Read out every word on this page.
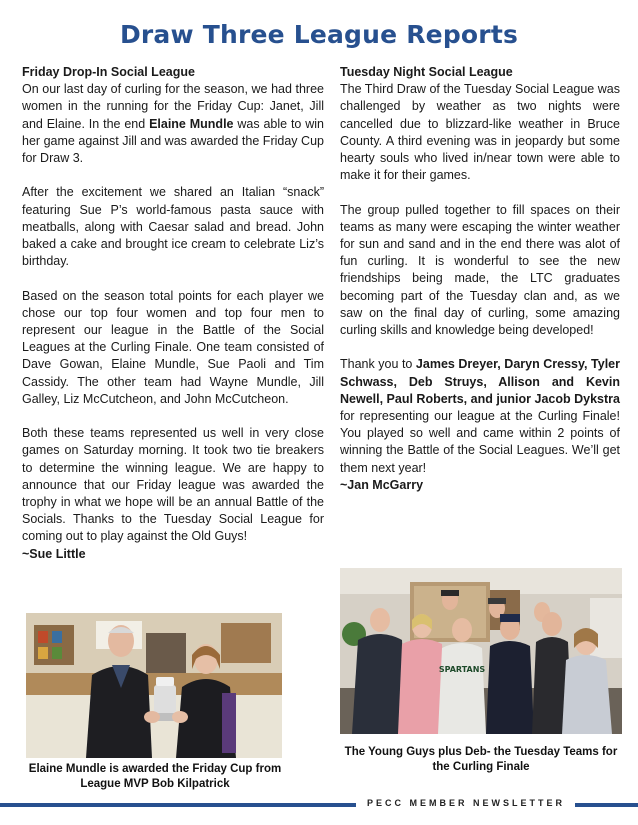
Draw Three League Reports
Friday Drop-In Social League

On our last day of curling for the season, we had three women in the running for the Friday Cup: Janet, Jill and Elaine. In the end Elaine Mundle was able to win her game against Jill and was awarded the Friday Cup for Draw 3.

After the excitement we shared an Italian “snack” featuring Sue P’s world-famous pasta sauce with meatballs, along with Caesar salad and bread. John baked a cake and brought ice cream to celebrate Liz’s birthday.

Based on the season total points for each player we chose our top four women and top four men to represent our league in the Battle of the Social Leagues at the Curling Finale. One team consisted of Dave Gowan, Elaine Mundle, Sue Paoli and Tim Cassidy. The other team had Wayne Mundle, Jill Galley, Liz McCutcheon, and John McCutcheon.

Both these teams represented us well in very close games on Saturday morning. It took two tie breakers to determine the winning league. We are happy to announce that our Friday league was awarded the trophy in what we hope will be an annual Battle of the Socials. Thanks to the Tuesday Social League for coming out to play against the Old Guys!

~Sue Little
Tuesday Night Social League

The Third Draw of the Tuesday Social League was challenged by weather as two nights were cancelled due to blizzard-like weather in Bruce County. A third evening was in jeopardy but some hearty souls who lived in/near town were able to make it for their games.

The group pulled together to fill spaces on their teams as many were escaping the winter weather for sun and sand and in the end there was alot of fun curling. It is wonderful to see the new friendships being made, the LTC graduates becoming part of the Tuesday clan and, as we saw on the final day of curling, some amazing curling skills and knowledge being developed!

Thank you to James Dreyer, Daryn Cressy, Tyler Schwass, Deb Struys, Allison and Kevin Newell, Paul Roberts, and junior Jacob Dykstra for representing our league at the Curling Finale! You played so well and came within 2 points of winning the Battle of the Social Leagues. We’ll get them next year!

~Jan McGarry
Elaine Mundle is awarded the Friday Cup from League MVP Bob Kilpatrick
SPARTANS
The Young Guys plus Deb- the Tuesday Teams for the Curling Finale
PECC MEMBER NEWSLETTER
